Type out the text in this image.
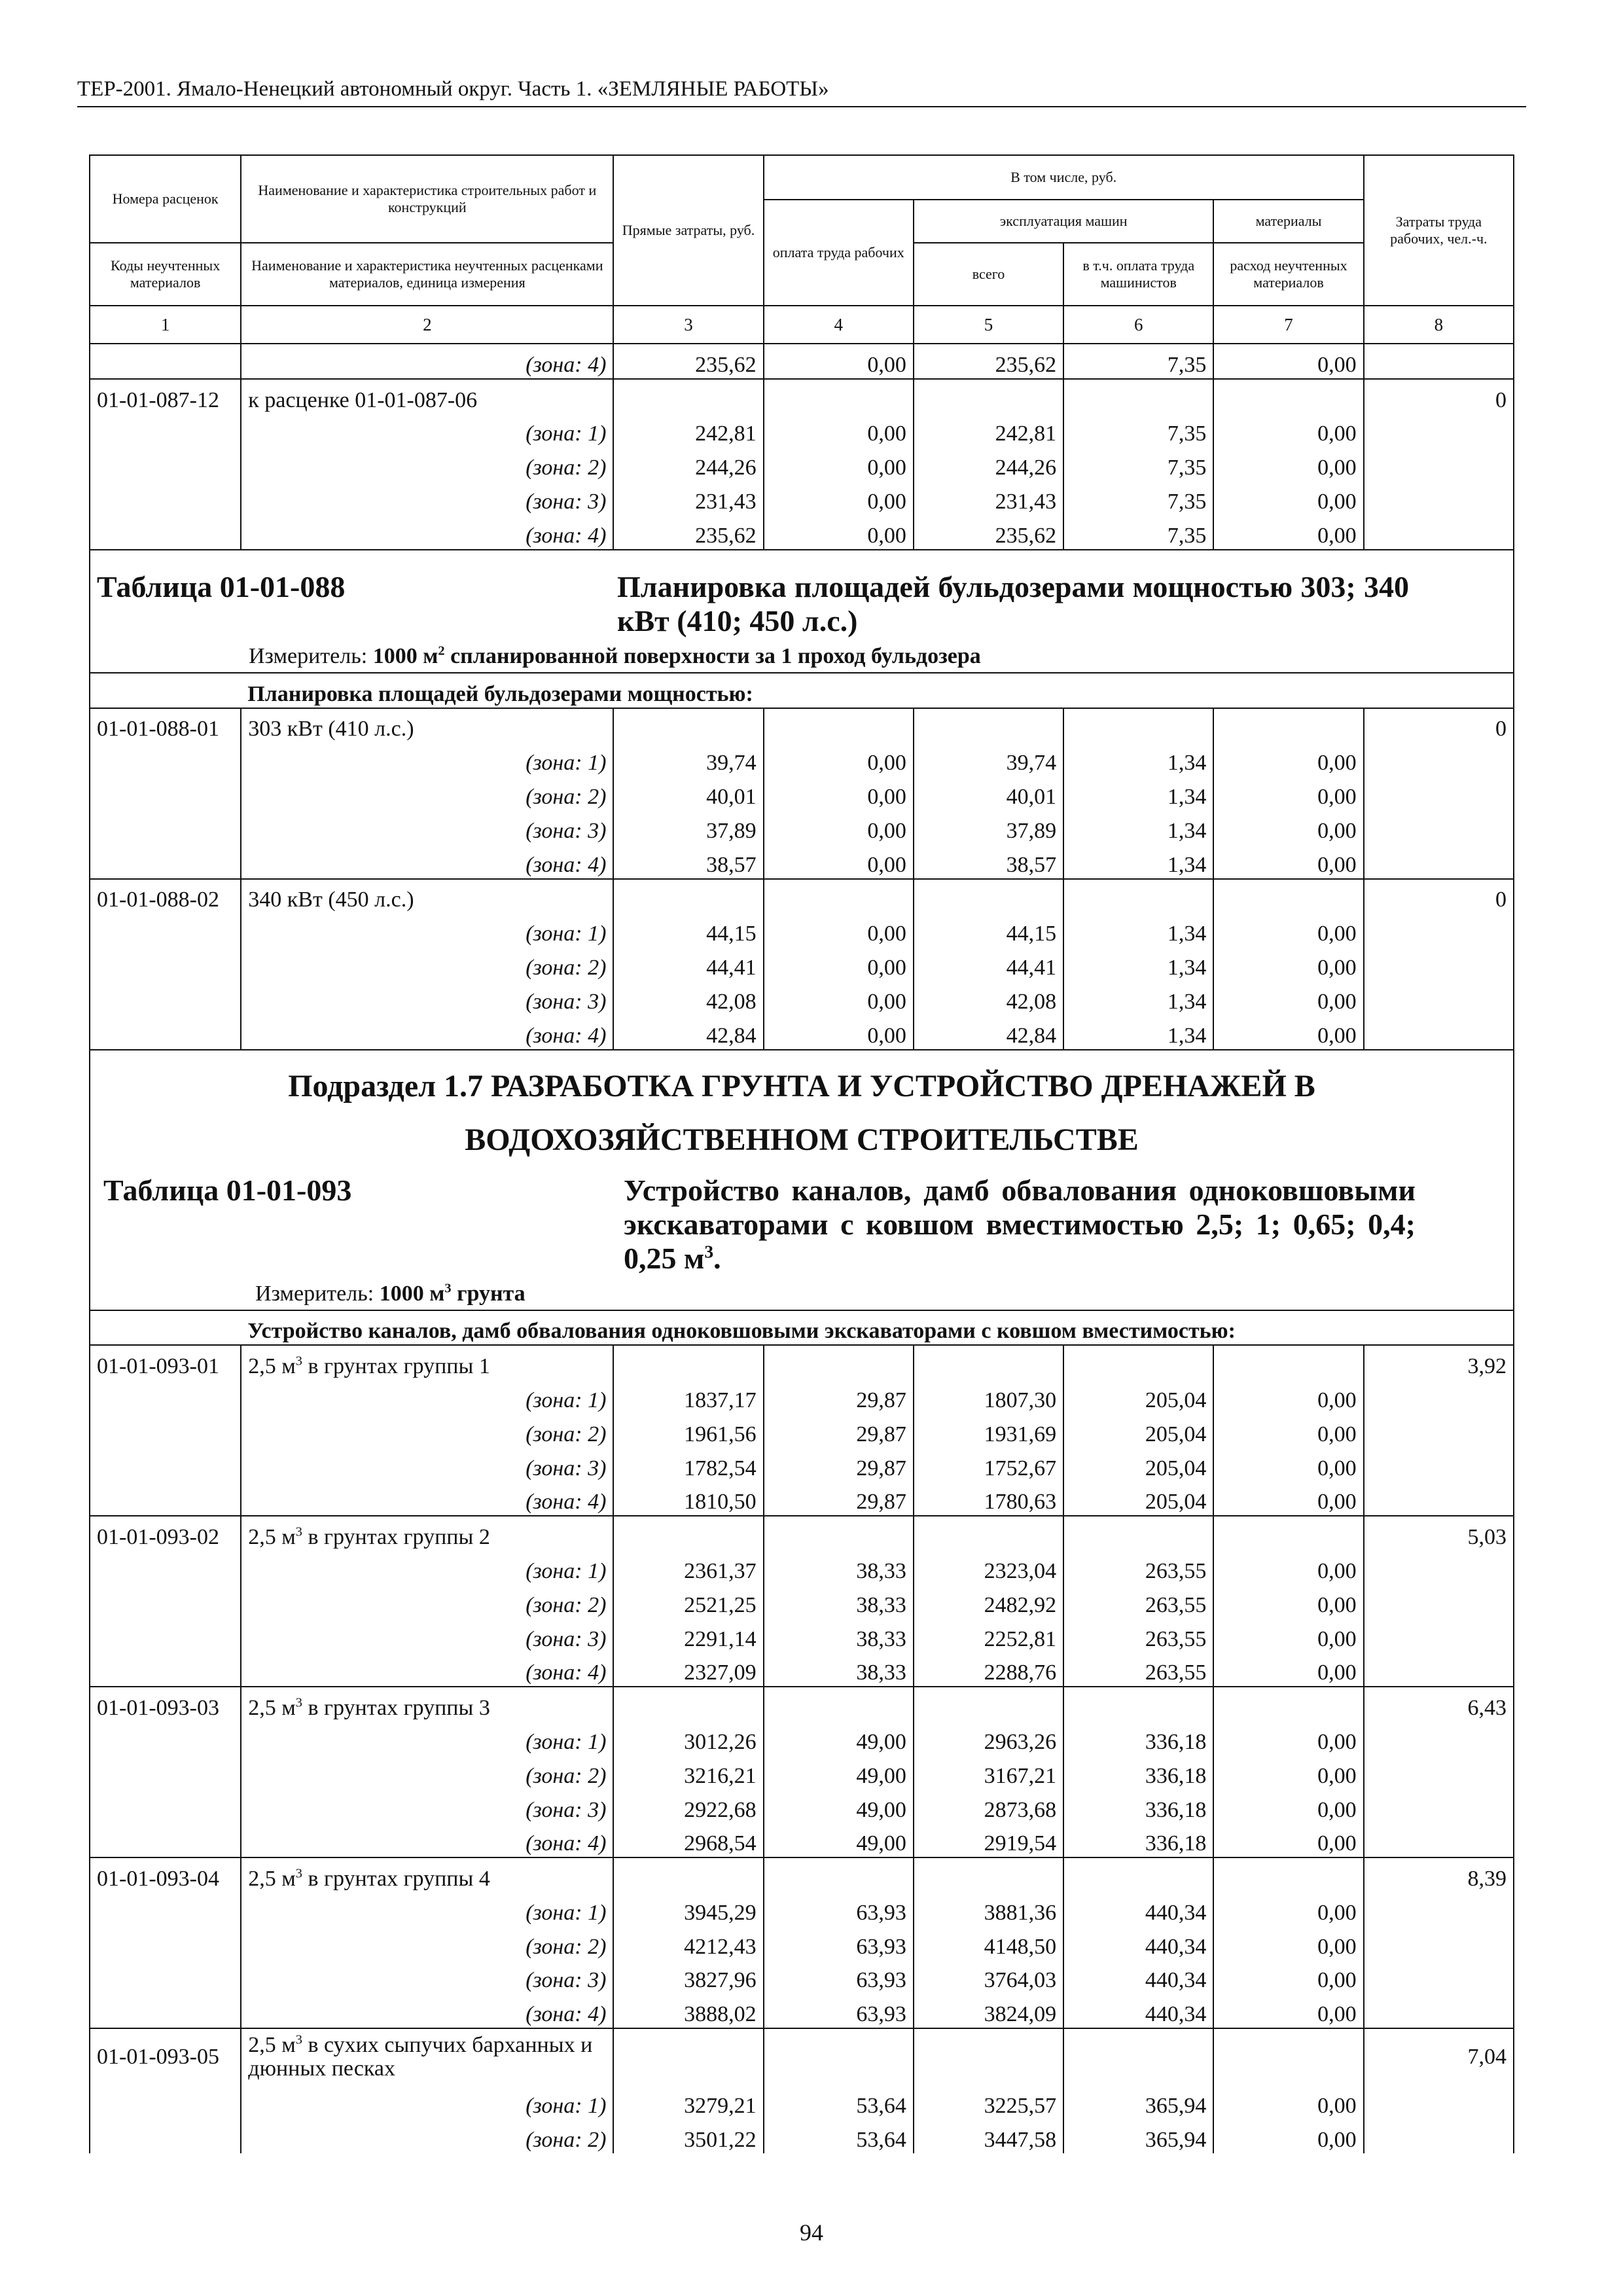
ТЕР-2001. Ямало-Ненецкий автономный округ. Часть 1. «ЗЕМЛЯНЫЕ РАБОТЫ»
Номера расценок	Наименование и характеристика строительных работ и конструкций	Прямые затраты, руб.	В том числе, руб.				Затраты труда рабочих, чел.-ч.
			оплата труда рабочих	эксплуатация машин		материалы	
Коды неучтенных материалов	Наименование и характеристика неучтенных расценками материалов, единица измерения			всего	в т.ч. оплата труда машинистов	расход неучтенных материалов	
1	2	3	4	5	6	7	8
	(зона: 4)	235,62	0,00	235,62	7,35	0,00	
01-01-087-12	к расценке 01-01-087-06						0
	(зона: 1)	242,81	0,00	242,81	7,35	0,00	
	(зона: 2)	244,26	0,00	244,26	7,35	0,00	
	(зона: 3)	231,43	0,00	231,43	7,35	0,00	
	(зона: 4)	235,62	0,00	235,62	7,35	0,00	

Таблица 01-01-088 Планировка площадей бульдозерами мощностью 303; 340 кВт (410; 450 л.с.)
Измеритель: 1000 $м^2$ спланированной поверхности за 1 проход бульдозера							

	Планировка площадей бульдозерами мощностью:						
01-01-088-01	303 кВт (410 л.с.)						0
	(зона: 1)	39,74	0,00	39,74	1,34	0,00	
	(зона: 2)	40,01	0,00	40,01	1,34	0,00	
	(зона: 3)	37,89	0,00	37,89	1,34	0,00	
	(зона: 4)	38,57	0,00	38,57	1,34	0,00	
01-01-088-02	340 кВт (450 л.с.)						0
	(зона: 1)	44,15	0,00	44,15	1,34	0,00	
	(зона: 2)	44,41	0,00	44,41	1,34	0,00	
	(зона: 3)	42,08	0,00	42,08	1,34	0,00	
	(зона: 4)	42,84	0,00	42,84	1,34	0,00	

Подраздел 1.7 РАЗРАБОТКА ГРУНТА И УСТРОЙСТВО ДРЕНАЖЕЙ В
ВОДОХОЗЯЙСТВЕННОМ СТРОИТЕЛЬСТВЕ
Таблица 01-01-093 Устройство каналов, дамб обвалования одноковшовыми экскаваторами с ковшом вместимостью 2,5; 1; 0,65; 0,4; 0,25 $м^3$.
Измеритель: 1000 $м^3$ грунта							

	Устройство каналов, дамб обвалования одноковшовыми экскаваторами с ковшом вместимостью:						
01-01-093-01	2,5 $м^3$ в грунтах группы 1						3,92
	(зона: 1)	1837,17	29,87	1807,30	205,04	0,00	
	(зона: 2)	1961,56	29,87	1931,69	205,04	0,00	
	(зона: 3)	1782,54	29,87	1752,67	205,04	0,00	
	(зона: 4)	1810,50	29,87	1780,63	205,04	0,00	
01-01-093-02	2,5 $м^3$ в грунтах группы 2						5,03
	(зона: 1)	2361,37	38,33	2323,04	263,55	0,00	
	(зона: 2)	2521,25	38,33	2482,92	263,55	0,00	
	(зона: 3)	2291,14	38,33	2252,81	263,55	0,00	
	(зона: 4)	2327,09	38,33	2288,76	263,55	0,00	
01-01-093-03	2,5 $м^3$ в грунтах группы 3						6,43
	(зона: 1)	3012,26	49,00	2963,26	336,18	0,00	
	(зона: 2)	3216,21	49,00	3167,21	336,18	0,00	
	(зона: 3)	2922,68	49,00	2873,68	336,18	0,00	
	(зона: 4)	2968,54	49,00	2919,54	336,18	0,00	
01-01-093-04	2,5 $м^3$ в грунтах группы 4						8,39
	(зона: 1)	3945,29	63,93	3881,36	440,34	0,00	
	(зона: 2)	4212,43	63,93	4148,50	440,34	0,00	
	(зона: 3)	3827,96	63,93	3764,03	440,34	0,00	
	(зона: 4)	3888,02	63,93	3824,09	440,34	0,00	
01-01-093-05	2,5 $м^3$ в сухих сыпучих барханных и дюнных песках						7,04
	(зона: 1)	3279,21	53,64	3225,57	365,94	0,00	
	(зона: 2)	3501,22	53,64	3447,58	365,94	0,00	
94
